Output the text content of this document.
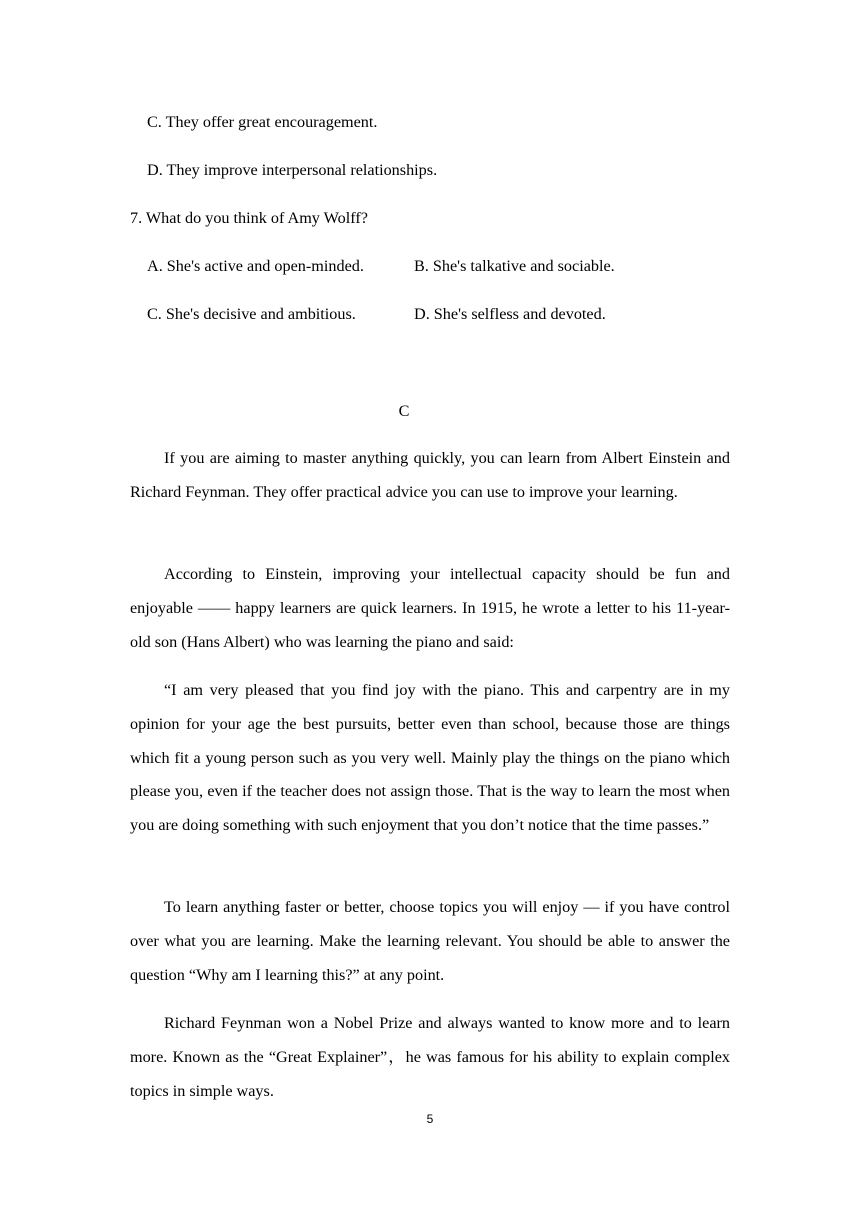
C. They offer great encouragement.
D. They improve interpersonal relationships.
7. What do you think of Amy Wolff?
A. She's active and open-minded.	B. She's talkative and sociable.
C. She's decisive and ambitious.	D. She's selfless and devoted.
C

If you are aiming to master anything quickly, you can learn from Albert Einstein and Richard Feynman. They offer practical advice you can use to improve your learning.

According to Einstein, improving your intellectual capacity should be fun and enjoyable —— happy learners are quick learners. In 1915, he wrote a letter to his 11-year-old son (Hans Albert) who was learning the piano and said:

“I am very pleased that you find joy with the piano. This and carpentry are in my opinion for your age the best pursuits, better even than school, because those are things which fit a young person such as you very well. Mainly play the things on the piano which please you, even if the teacher does not assign those. That is the way to learn the most when you are doing something with such enjoyment that you don’t notice that the time passes.”

To learn anything faster or better, choose topics you will enjoy — if you have control over what you are learning. Make the learning relevant. You should be able to answer the question “Why am I learning this?” at any point.

Richard Feynman won a Nobel Prize and always wanted to know more and to learn more. Known as the “Great Explainer”，he was famous for his ability to explain complex topics in simple ways.

5
